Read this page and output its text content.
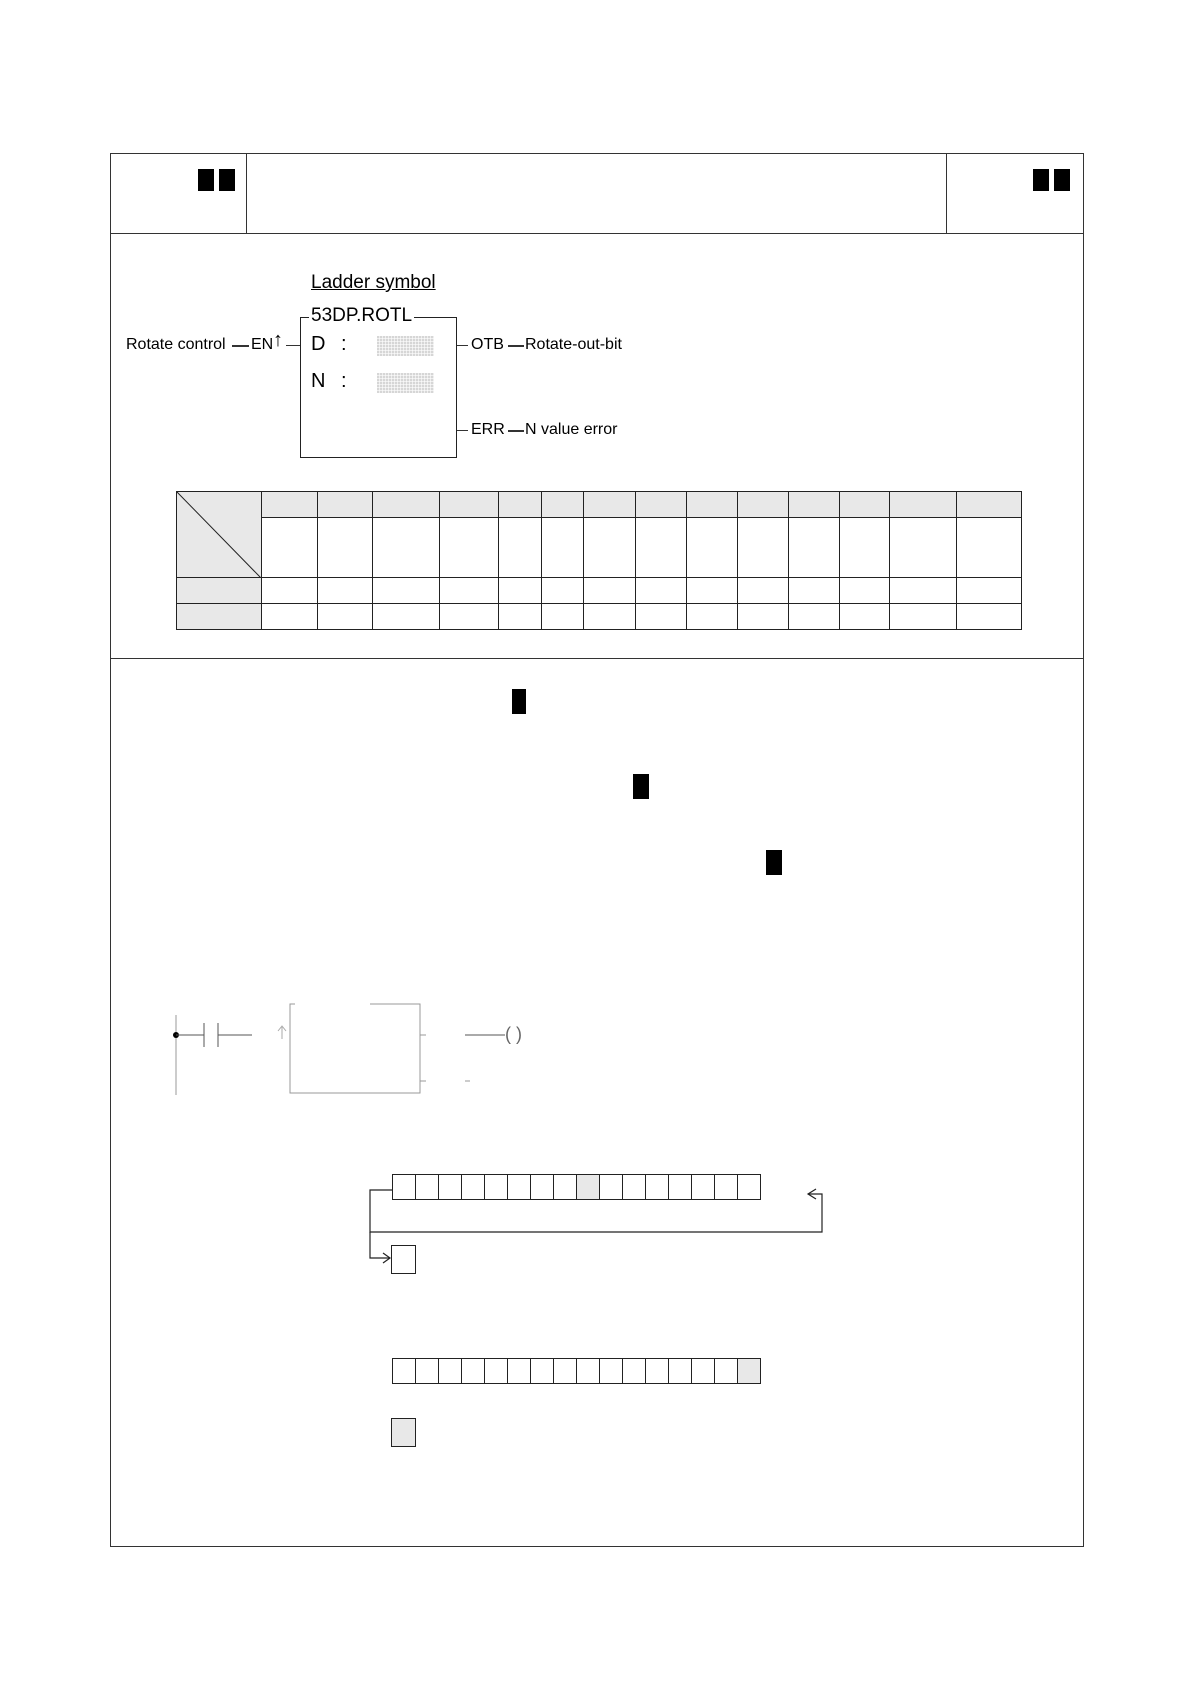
Ladder symbol
53DP.ROTL
Rotate control EN ↑ D :
N :
OTB Rotate-out-bit
ERR N value error

( )
